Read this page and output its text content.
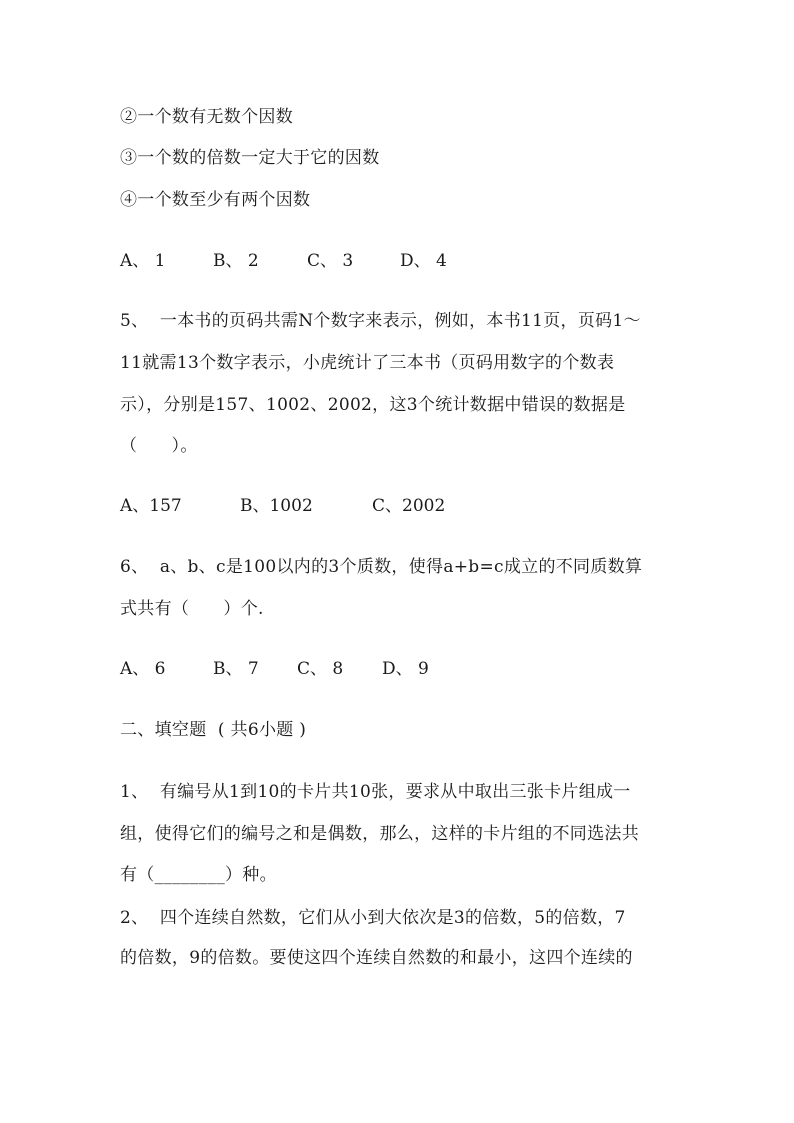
②一个数有无数个因数
③一个数的倍数一定大于它的因数
④一个数至少有两个因数

A、 1

	B、 2

	C、 3

	D、 4

5、  一本书的页码共需N个数字来表示，例如，本书11页，页码1～
11就需13个数字表示，小虎统计了三本书（页码用数字的个数表
示），分别是157、1002、2002，这3个统计数据中错误的数据是
（      ）。

A、157

	B、1002

	C、2002

6、  a、b、c是100以内的3个质数，使得a+b=c成立的不同质数算
式共有（      ）个.

A、 6

	B、 7

C、 8

D、 9

二、填空题  ( 共6小题 )
1、  有编号从1到10的卡片共10张，要求从中取出三张卡片组成一
组，使得它们的编号之和是偶数，那么，这样的卡片组的不同选法共
有（________）种。
2、  四个连续自然数，它们从小到大依次是3的倍数，5的倍数，7
的倍数，9的倍数。要使这四个连续自然数的和最小，这四个连续的
